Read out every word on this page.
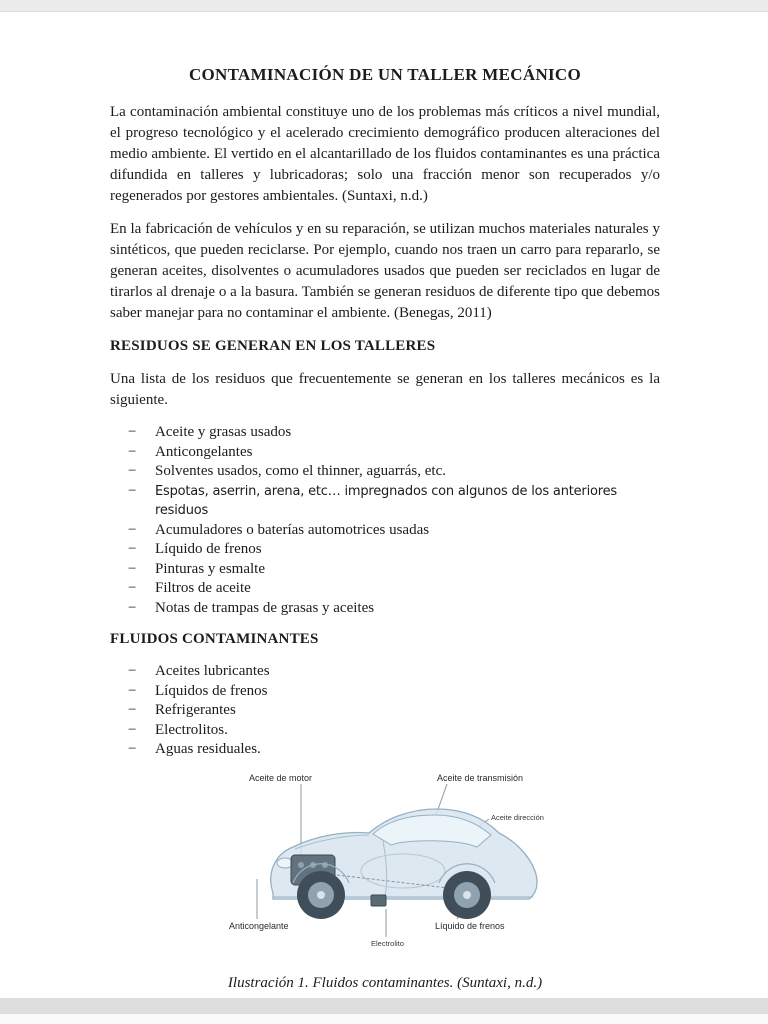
CONTAMINACIÓN DE UN TALLER MECÁNICO

La contaminación ambiental constituye uno de los problemas más críticos a nivel mundial, el progreso tecnológico y el acelerado crecimiento demográfico producen alteraciones del medio ambiente. El vertido en el alcantarillado de los fluidos contaminantes es una práctica difundida en talleres y lubricadoras; solo una fracción menor son recuperados y/o regenerados por gestores ambientales. (Suntaxi, n.d.)

En la fabricación de vehículos y en su reparación, se utilizan muchos materiales naturales y sintéticos, que pueden reciclarse. Por ejemplo, cuando nos traen un carro para repararlo, se generan aceites, disolventes o acumuladores usados que pueden ser reciclados en lugar de tirarlos al drenaje o a la basura. También se generan residuos de diferente tipo que debemos saber manejar para no contaminar el ambiente. (Benegas, 2011)

RESIDUOS SE GENERAN EN LOS TALLERES

Una lista de los residuos que frecuentemente se generan en los talleres mecánicos es la siguiente.

−	Aceite y grasas usados
−	Anticongelantes
−	Solventes usados, como el thinner, aguarrás, etc.
−	Espotas, aserrin, arena, etc… impregnados con algunos de los anteriores residuos
−	Acumuladores o baterías automotrices usadas
−	Líquido de frenos
−	Pinturas y esmalte
−	Filtros de aceite
−	Notas de trampas de grasas y aceites
FLUIDOS CONTAMINANTES
−	Aceites lubricantes
−	Líquidos de frenos
−	Refrigerantes
−	Electrolitos.
−	Aguas residuales.
Aceite de motor	Aceite de transmisión
Aceite dirección
Anticongelante	Líquido de frenos
Electrolito
Ilustración 1. Fluidos contaminantes. (Suntaxi, n.d.)
